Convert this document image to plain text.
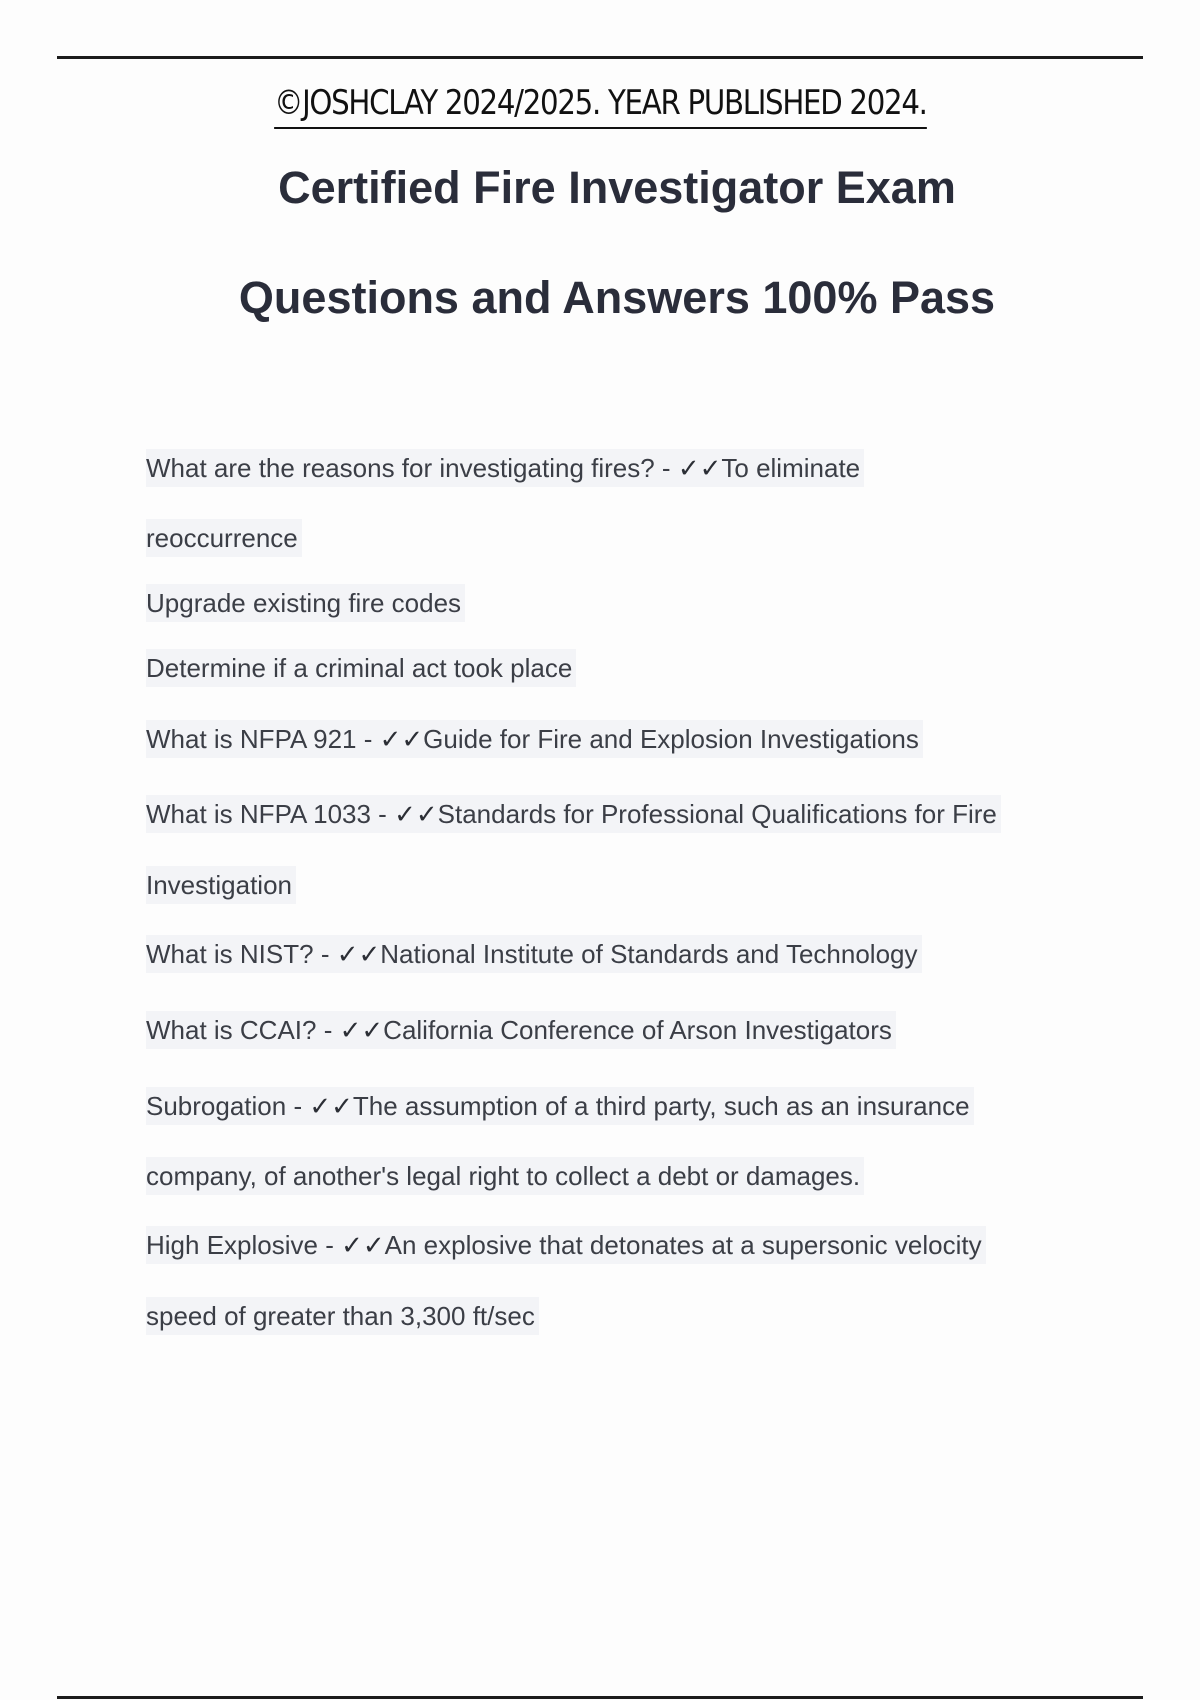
©JOSHCLAY 2024/2025. YEAR PUBLISHED 2024.
Certified Fire Investigator Exam
Questions and Answers 100% Pass
What are the reasons for investigating fires? - ✓✓To eliminate
reoccurrence
Upgrade existing fire codes
Determine if a criminal act took place
What is NFPA 921 - ✓✓Guide for Fire and Explosion Investigations
What is NFPA 1033 - ✓✓Standards for Professional Qualifications for Fire
Investigation
What is NIST? - ✓✓National Institute of Standards and Technology
What is CCAI? - ✓✓California Conference of Arson Investigators
Subrogation - ✓✓The assumption of a third party, such as an insurance
company, of another's legal right to collect a debt or damages.
High Explosive - ✓✓An explosive that detonates at a supersonic velocity
speed of greater than 3,300 ft/sec
